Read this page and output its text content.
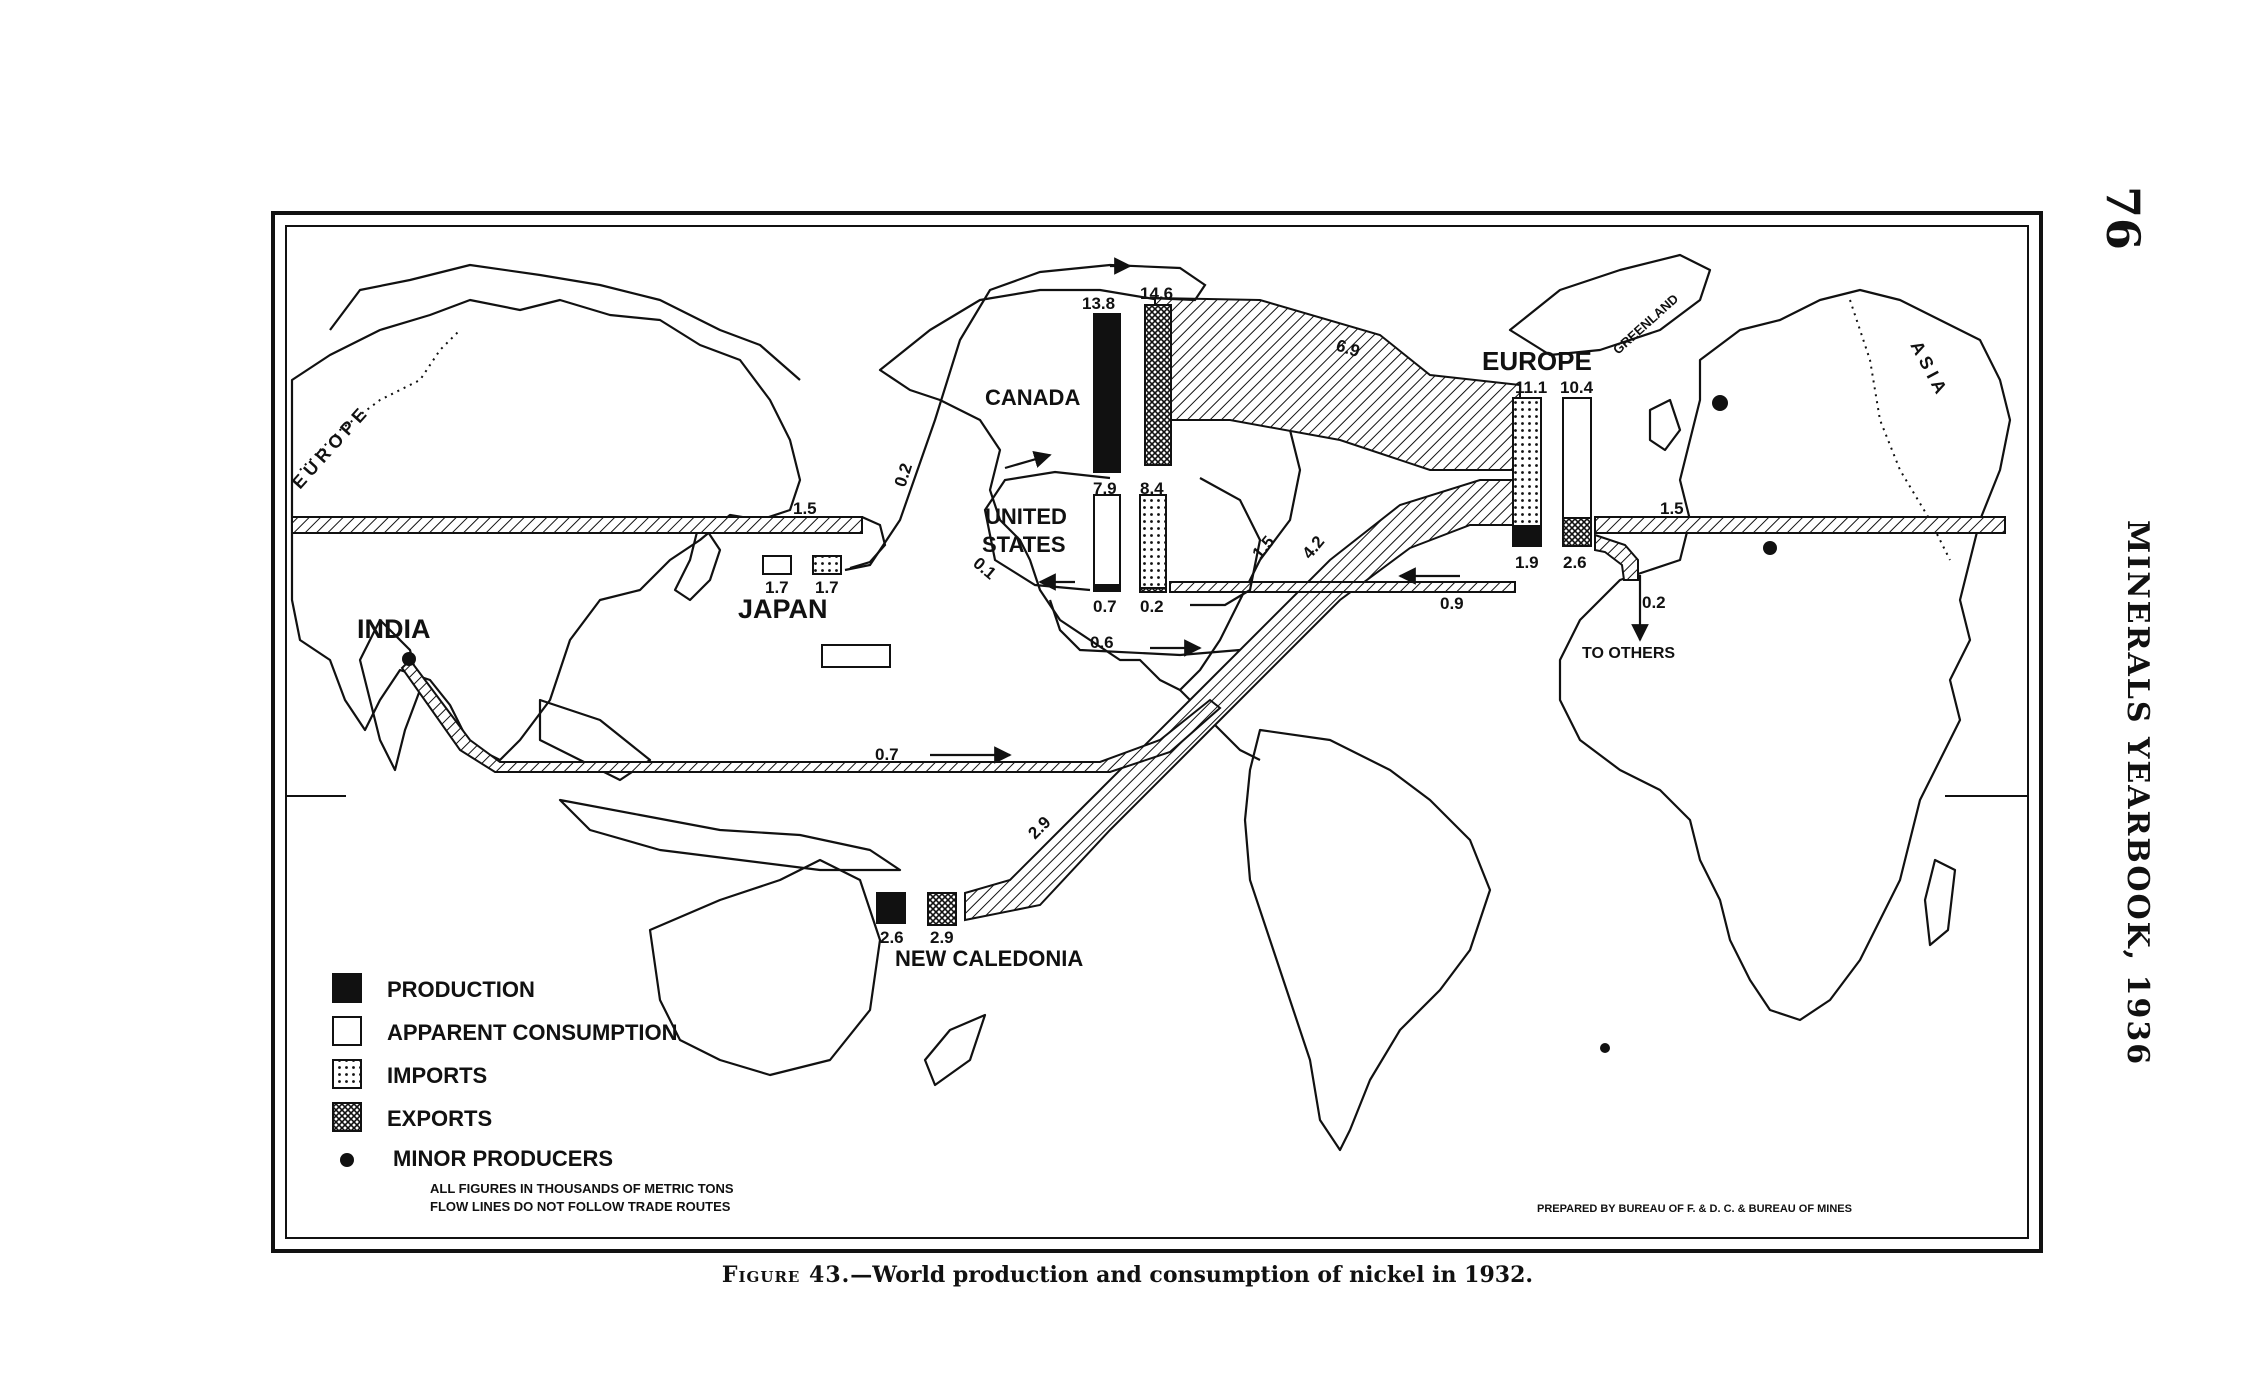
76
MINERALS YEARBOOK, 1936
CANADA
UNITED
STATES
EUROPE
JAPAN
INDIA
NEW CALEDONIA
TO OTHERS
GREENLAND
A S I A
E U R O P E
13.8
14.6
7.9 8.4
0.7 0.2
11.1 10.4
1.9 2.6
1.7 1.7
2.6 2.9
6.9
1.5	1.5
0.2
0.1
1.5 4.2
0.9
0.6
0.7
2.9
0.2
PRODUCTION
APPARENT CONSUMPTION
IMPORTS
EXPORTS
MINOR PRODUCERS
ALL FIGURES IN THOUSANDS OF METRIC TONS
FLOW LINES DO NOT FOLLOW TRADE ROUTES	PREPARED BY BUREAU OF F. & D. C. & BUREAU OF MINES
Figure 43.—World production and consumption of nickel in 1932.
